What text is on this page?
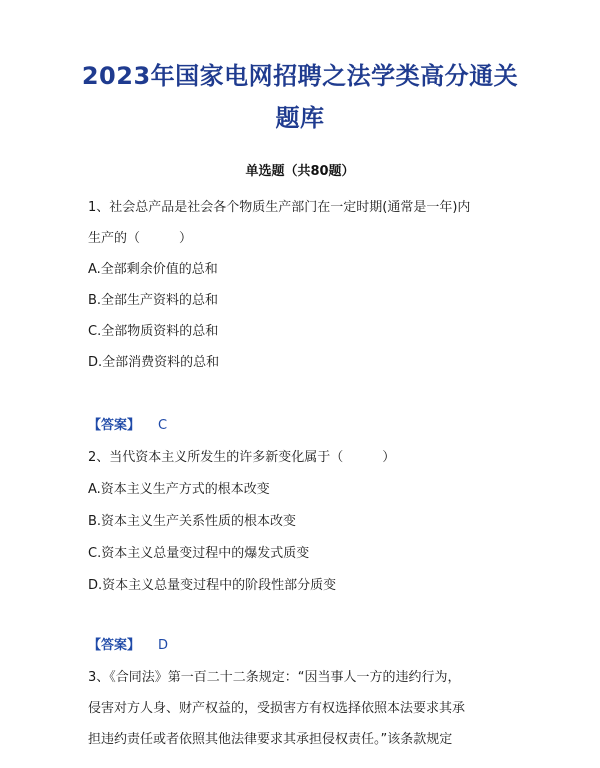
2023年国家电网招聘之法学类高分通关
题库
单选题（共80题）
1、社会总产品是社会各个物质生产部门在一定时期(通常是一年)内
生产的（　　　）
A.全部剩余价值的总和
B.全部生产资料的总和
C.全部物质资料的总和
D.全部消费资料的总和
【答案】 C
2、当代资本主义所发生的许多新变化属于（　　　）
A.资本主义生产方式的根本改变
B.资本主义生产关系性质的根本改变
C.资本主义总量变过程中的爆发式质变
D.资本主义总量变过程中的阶段性部分质变
【答案】 D
3、《合同法》第一百二十二条规定：“因当事人一方的违约行为，
侵害对方人身、财产权益的，受损害方有权选择依照本法要求其承
担违约责任或者依照其他法律要求其承担侵权责任。”该条款规定
